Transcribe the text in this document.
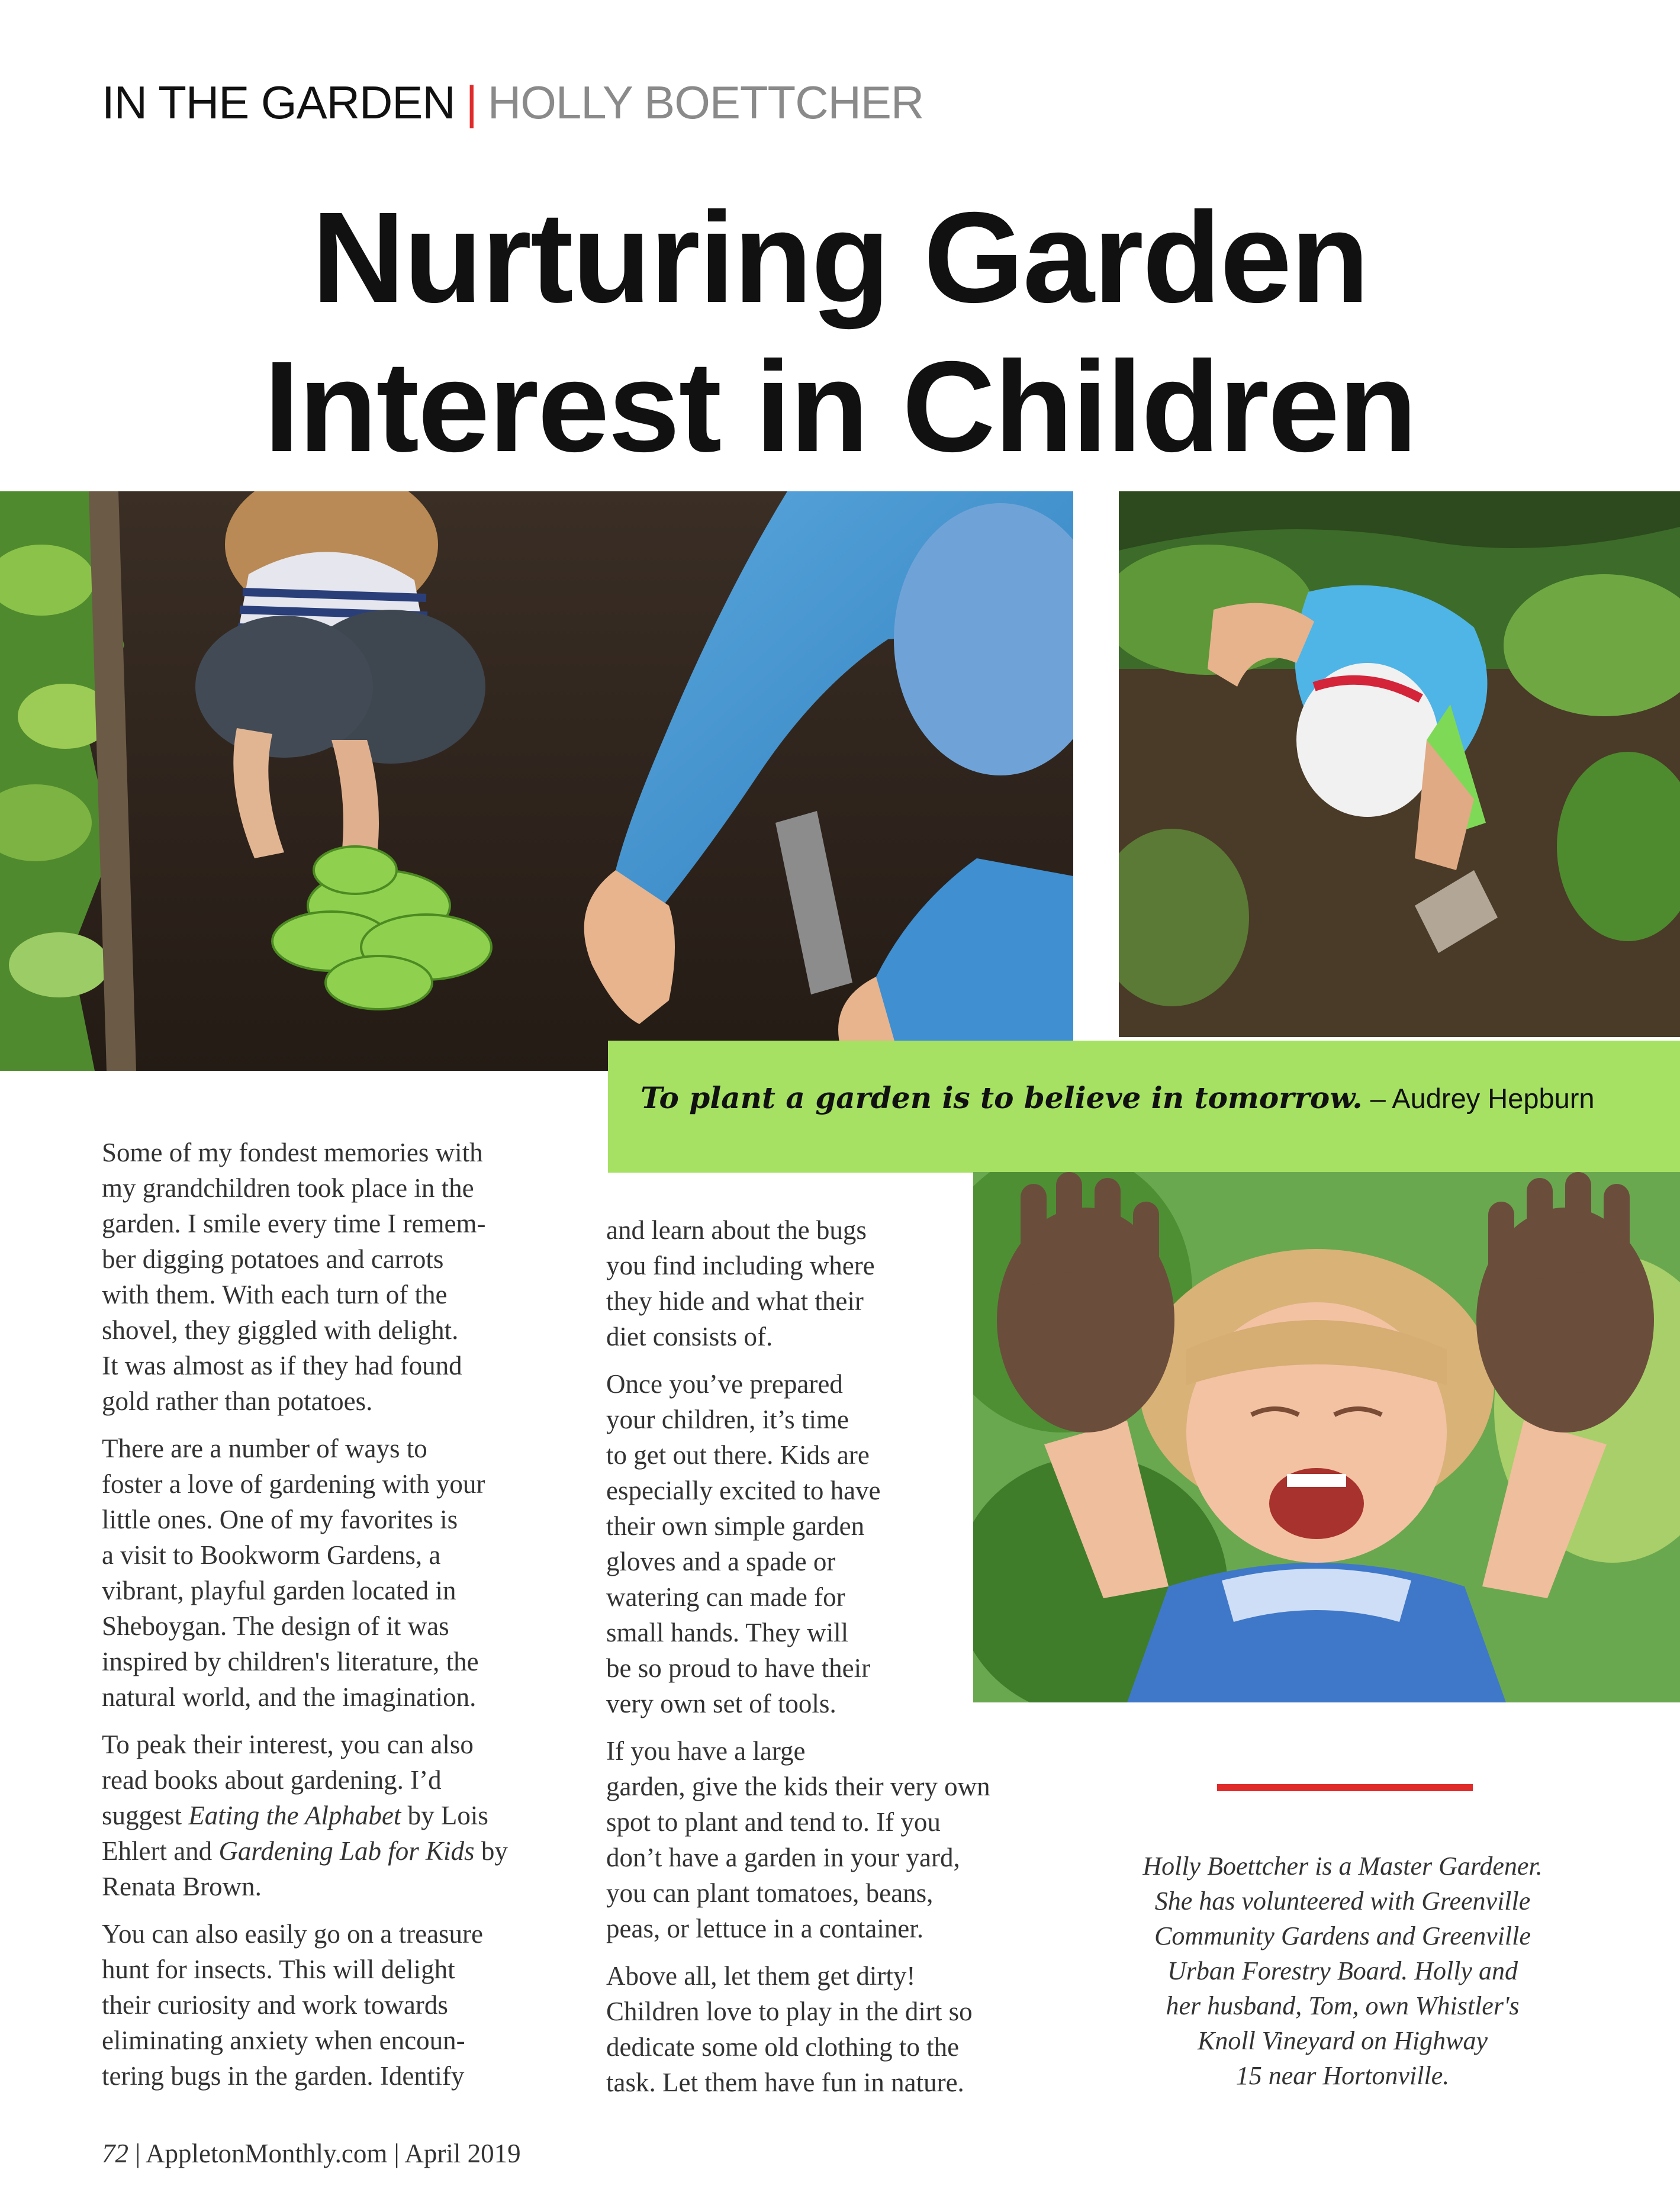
IN THE GARDEN | HOLLY BOETTCHER
Nurturing Garden
Interest in Children
To plant a garden is to believe in tomorrow. – Audrey Hepburn

Some of my fondest memories with
my grandchildren took place in the
garden. I smile every time I remem-
ber digging potatoes and carrots
with them. With each turn of the
shovel, they giggled with delight.
It was almost as if they had found
gold rather than potatoes.

There are a number of ways to
foster a love of gardening with your
little ones. One of my favorites is
a visit to Bookworm Gardens, a
vibrant, playful garden located in
Sheboygan. The design of it was
inspired by children's literature, the
natural world, and the imagination.

To peak their interest, you can also
read books about gardening. I’d
suggest Eating the Alphabet by Lois
Ehlert and Gardening Lab for Kids by
Renata Brown.

You can also easily go on a treasure
hunt for insects. This will delight
their curiosity and work towards
eliminating anxiety when encoun-
tering bugs in the garden. Identify

and learn about the bugs
you find including where
they hide and what their
diet consists of.

Once you’ve prepared
your children, it’s time
to get out there. Kids are
especially excited to have
their own simple garden
gloves and a spade or
watering can made for
small hands. They will
be so proud to have their
very own set of tools.

If you have a large
garden, give the kids their very own
spot to plant and tend to. If you
don’t have a garden in your yard,
you can plant tomatoes, beans,
peas, or lettuce in a container.

Above all, let them get dirty!
Children love to play in the dirt so
dedicate some old clothing to the
task. Let them have fun in nature.

Holly Boettcher is a Master Gardener.
She has volunteered with Greenville
Community Gardens and Greenville
Urban Forestry Board. Holly and
her husband, Tom, own Whistler's
Knoll Vineyard on Highway
15 near Hortonville.
72 | AppletonMonthly.com | April 2019
